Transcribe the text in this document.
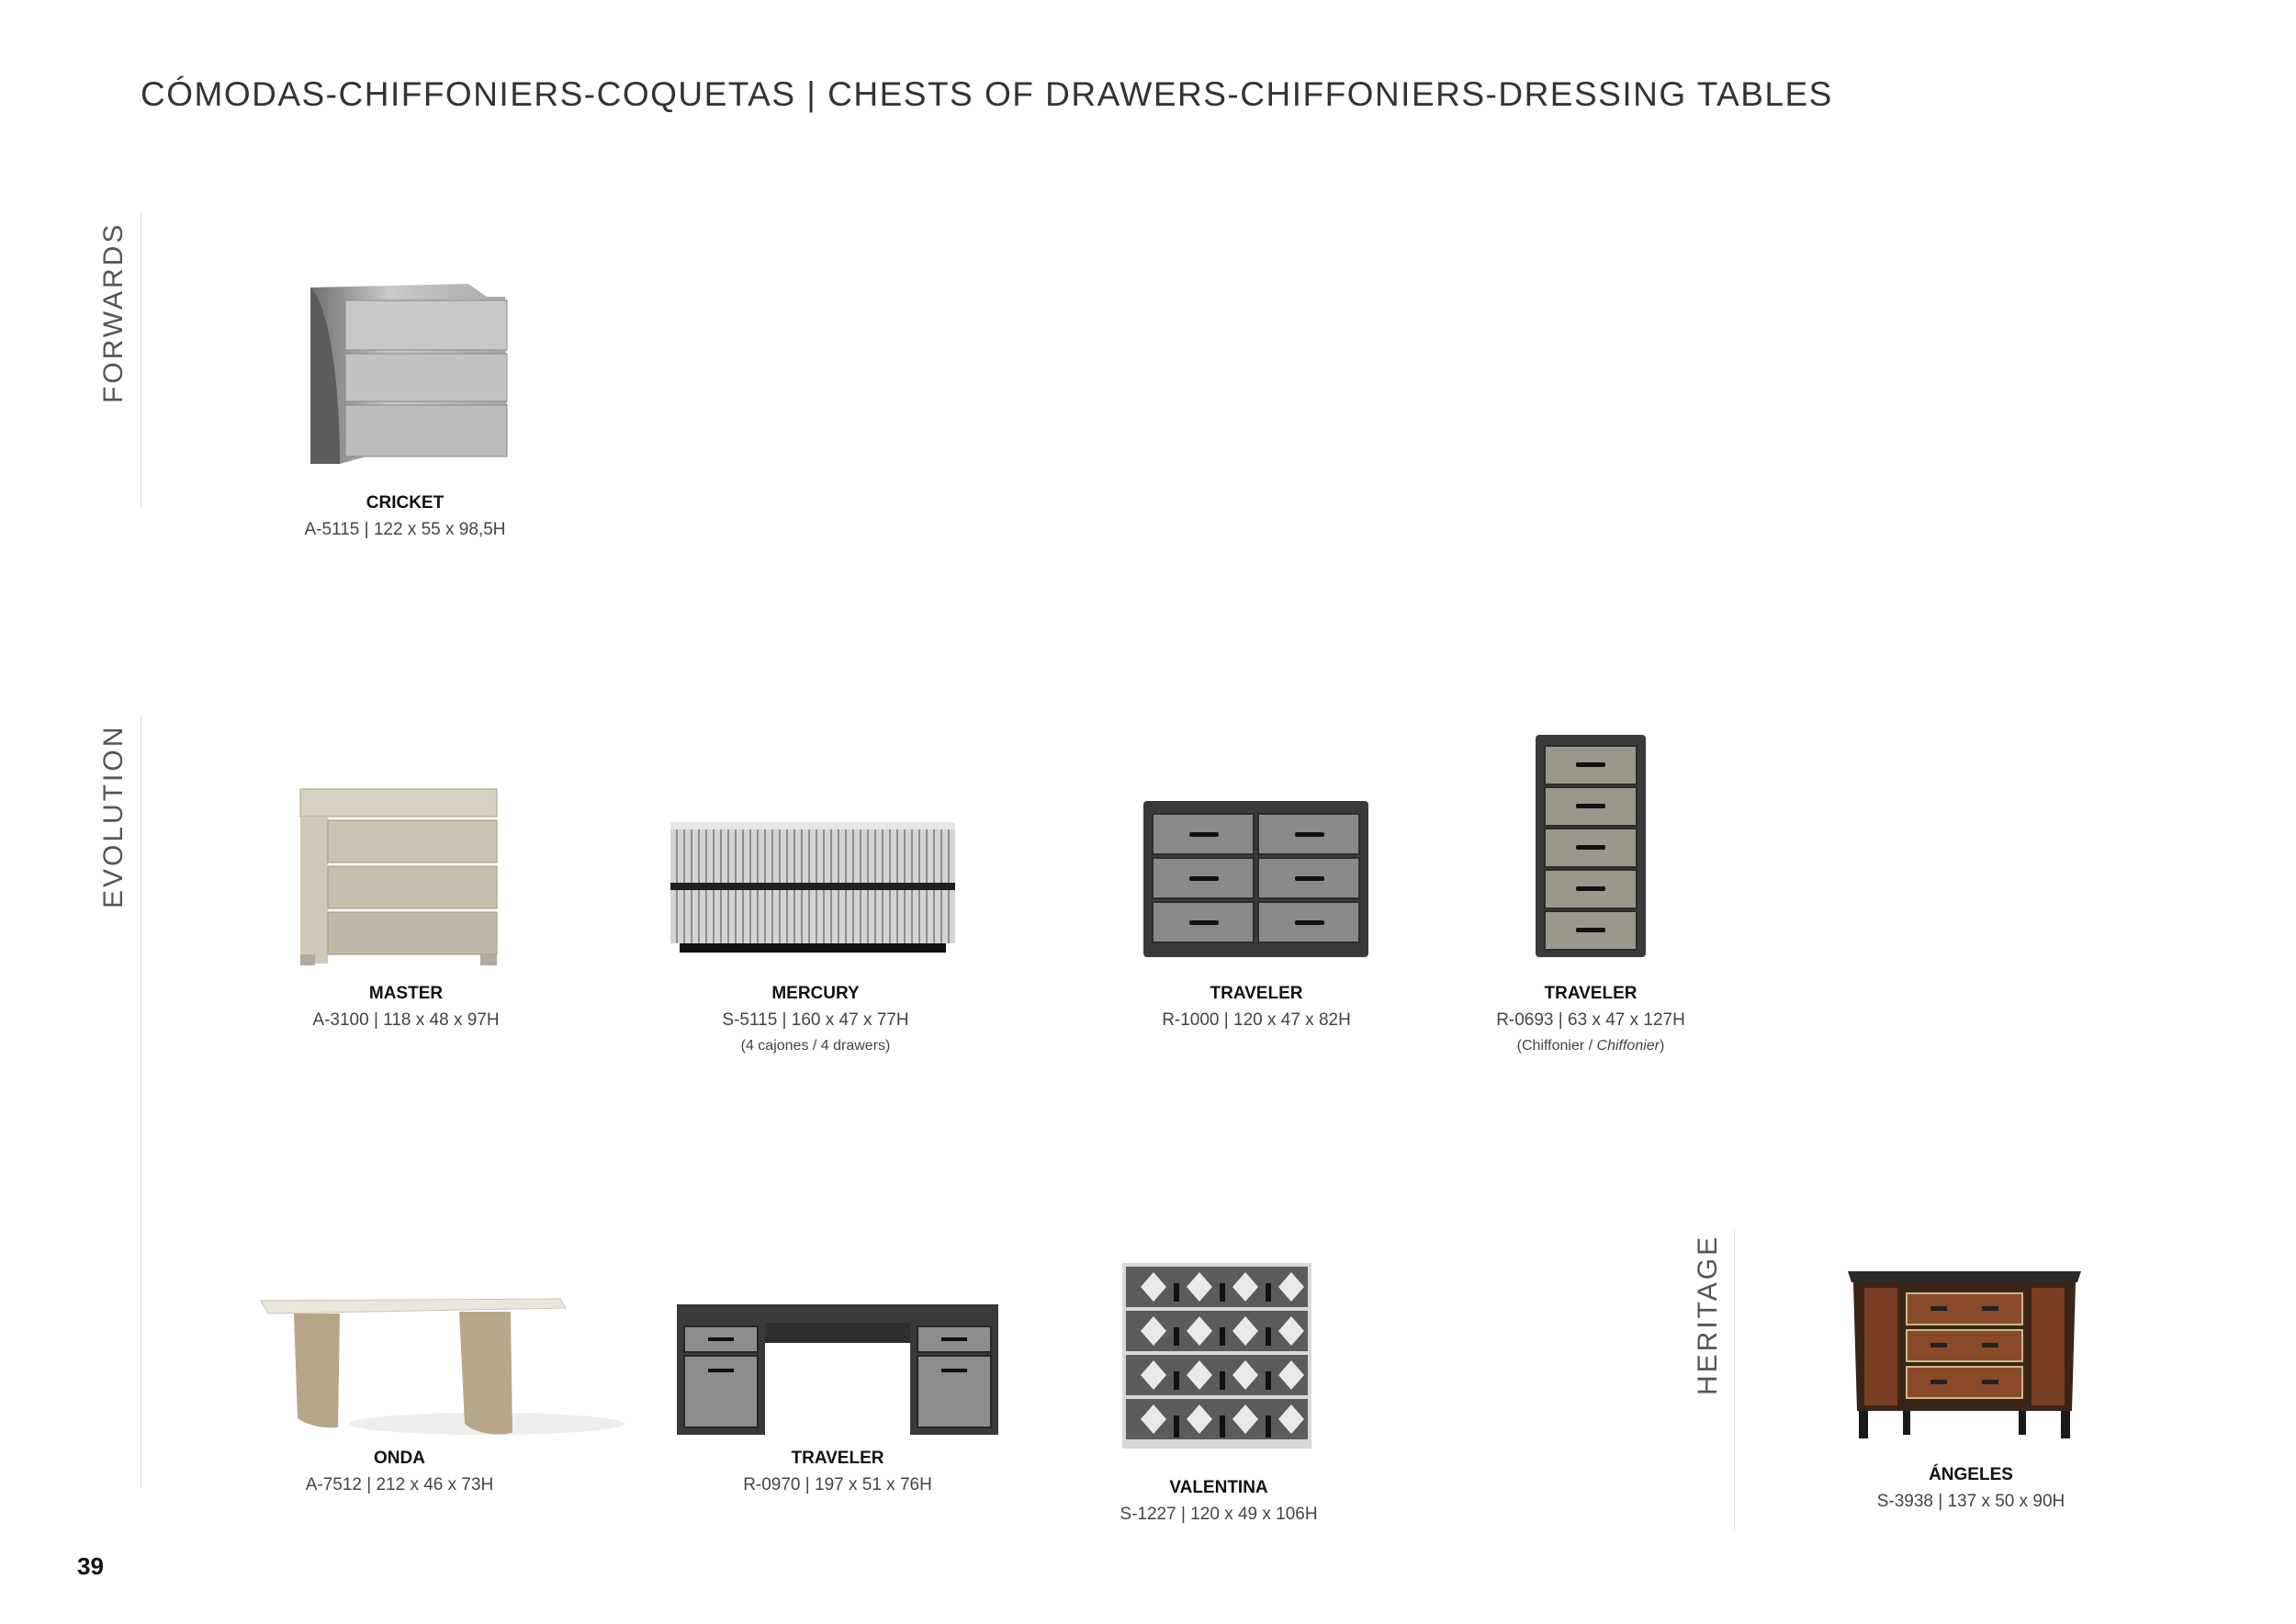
CÓMODAS-CHIFFONIERS-COQUETAS | CHESTS OF DRAWERS-CHIFFONIERS-DRESSING TABLES
FORWARDS
EVOLUTION
HERITAGE
CRICKET
A-5115 | 122 x 55 x 98,5H
MASTER
A-3100 | 118 x 48 x 97H
MERCURY
S-5115 | 160 x 47 x 77H
(4 cajones / 4 drawers)
TRAVELER
R-1000 | 120 x 47 x 82H
TRAVELER
R-0693 | 63 x 47 x 127H
(Chiffonier / Chiffonier)
ONDA
A-7512 | 212 x 46 x 73H
TRAVELER
R-0970 | 197 x 51 x 76H	VALENTINA
S-1227 | 120 x 49 x 106H
ÁNGELES
S-3938 | 137 x 50 x 90H
39
